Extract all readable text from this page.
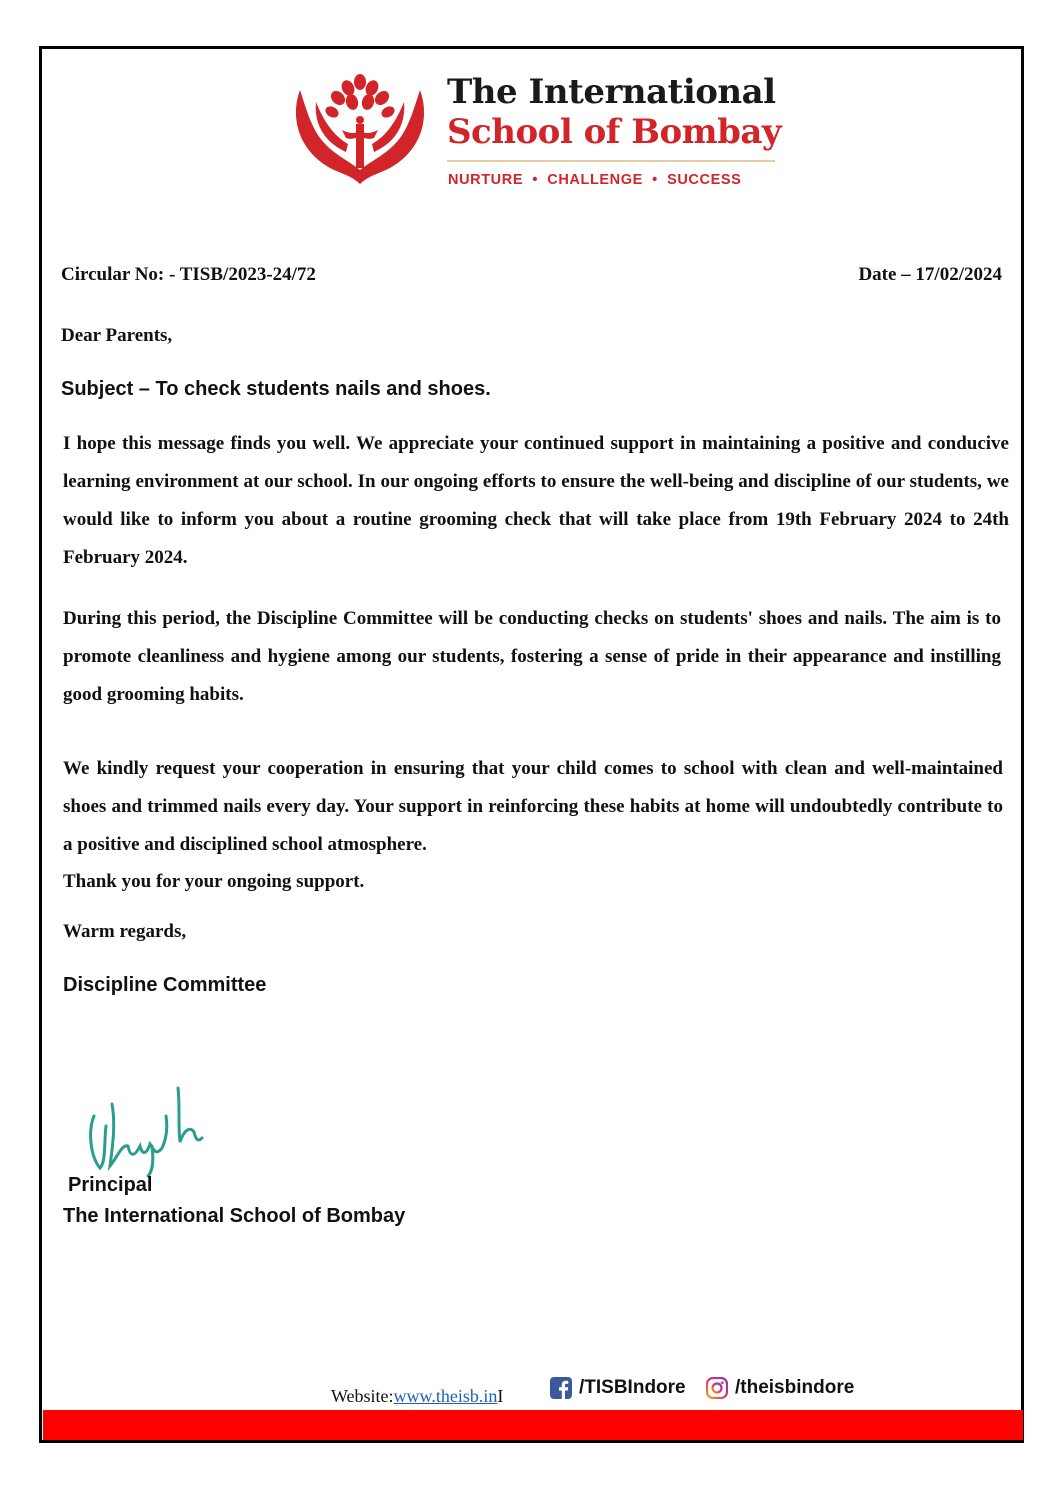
The International
School of Bombay
NURTURE  •  CHALLENGE  •  SUCCESS
Circular No: - TISB/2023-24/72	Date – 17/02/2024
Dear Parents,
Subject – To check students nails and shoes.
I hope this message finds you well. We appreciate your continued support in maintaining a positive and conducive learning environment at our school. In our ongoing efforts to ensure the well-being and discipline of our students, we would like to inform you about a routine grooming check that will take place from 19th February 2024 to 24th February 2024.
During this period, the Discipline Committee will be conducting checks on students' shoes and nails. The aim is to promote cleanliness and hygiene among our students, fostering a sense of pride in their appearance and instilling good grooming habits.
We kindly request your cooperation in ensuring that your child comes to school with clean and well-maintained shoes and trimmed nails every day. Your support in reinforcing these habits at home will undoubtedly contribute to a positive and disciplined school atmosphere.
Thank you for your ongoing support.
Warm regards,
Discipline Committee
Principal
The International School of Bombay
Website:www.theisb.inI	/TISBIndore	/theisbindore
